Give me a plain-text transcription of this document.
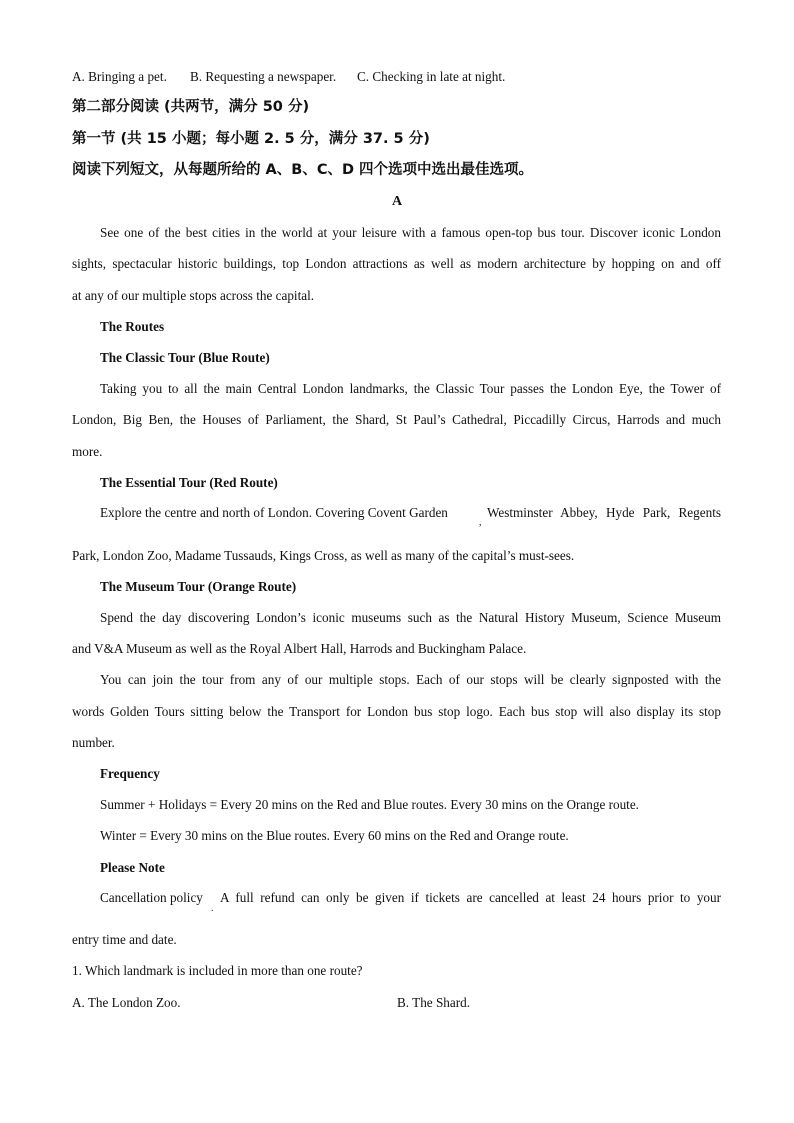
A. Bringing a pet. B. Requesting a newspaper. C. Checking in late at night.
第二部分阅读 (共两节，满分 50 分)
第一节 (共 15 小题；每小题 2. 5 分，满分 37. 5 分)
阅读下列短文，从每题所给的 A、B、C、D 四个选项中选出最佳选项。
A
See one of the best cities in the world at your leisure with a famous open-top bus tour. Discover iconic London
sights, spectacular historic buildings, top London attractions as well as modern architecture by hopping on and off
at any of our multiple stops across the capital.
The Routes
The Classic Tour (Blue Route)
Taking you to all the main Central London landmarks, the Classic Tour passes the London Eye, the Tower of
London, Big Ben, the Houses of Parliament, the Shard, St Paul’s Cathedral, Piccadilly Circus, Harrods and much
more.
The Essential Tour (Red Route)
Explore the centre and north of London. Covering Covent Garden
,
Westminster Abbey, Hyde Park, Regents
Park, London Zoo, Madame Tussauds, Kings Cross, as well as many of the capital’s must-sees.
The Museum Tour (Orange Route)
Spend the day discovering London’s iconic museums such as the Natural History Museum, Science Museum
and V&A Museum as well as the Royal Albert Hall, Harrods and Buckingham Palace.
You can join the tour from any of our multiple stops. Each of our stops will be clearly signposted with the
words Golden Tours sitting below the Transport for London bus stop logo. Each bus stop will also display its stop
number.
Frequency
Summer + Holidays = Every 20 mins on the Red and Blue routes. Every 30 mins on the Orange route.
Winter = Every 30 mins on the Blue routes. Every 60 mins on the Red and Orange route.
Please Note
Cancellation policy
.
A full refund can only be given if tickets are cancelled at least 24 hours prior to your
entry time and date.
1. Which landmark is included in more than one route?
A. The London Zoo.	B. The Shard.
